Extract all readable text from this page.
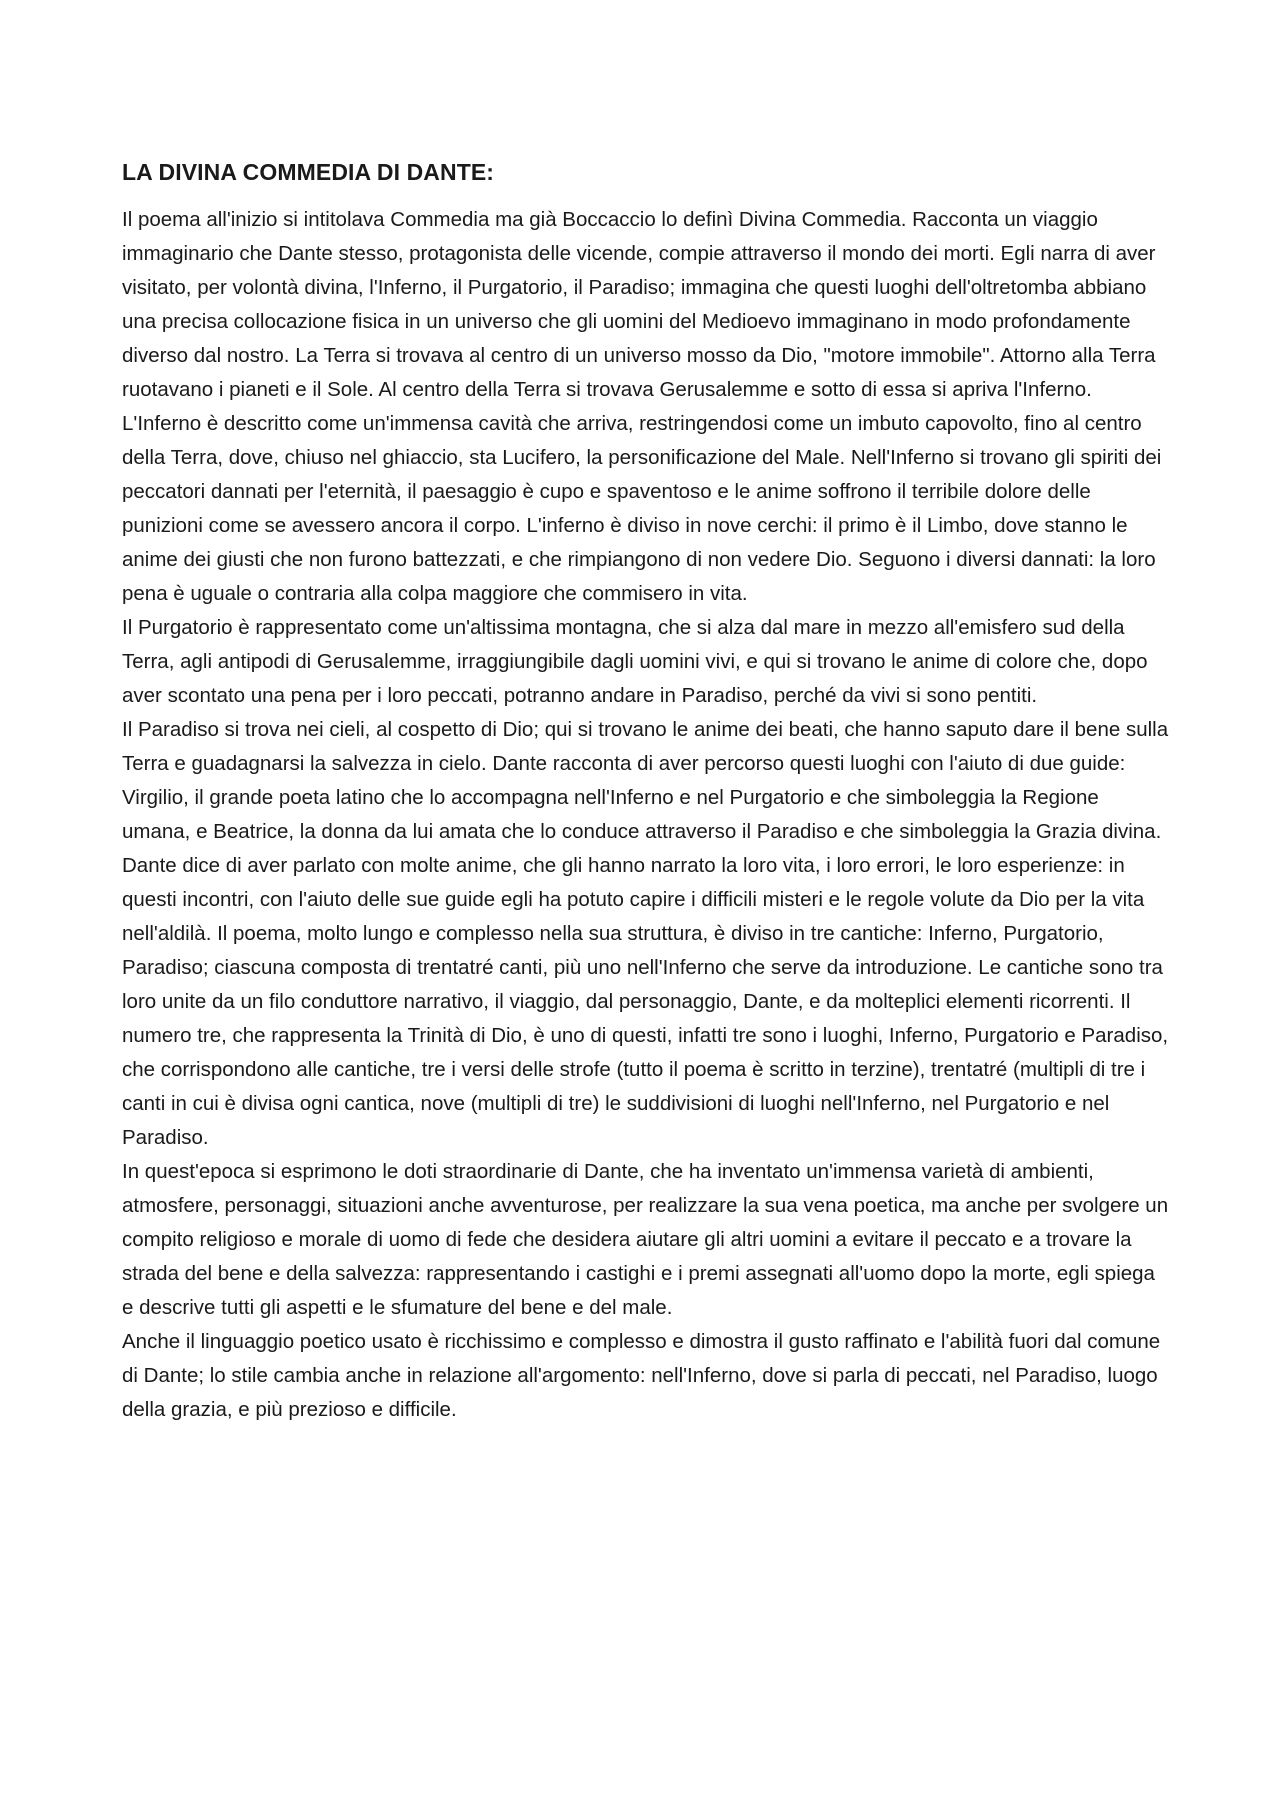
LA DIVINA COMMEDIA DI DANTE:

Il poema all'inizio si intitolava Commedia ma già Boccaccio lo definì Divina Commedia. Racconta un viaggio immaginario che Dante stesso, protagonista delle vicende, compie attraverso il mondo dei morti. Egli narra di aver visitato, per volontà divina, l'Inferno, il Purgatorio, il Paradiso; immagina che questi luoghi dell'oltretomba abbiano una precisa collocazione fisica in un universo che gli uomini del Medioevo immaginano in modo profondamente diverso dal nostro. La Terra si trovava al centro di un universo mosso da Dio, "motore immobile". Attorno alla Terra ruotavano i pianeti e il Sole. Al centro della Terra si trovava Gerusalemme e sotto di essa si apriva l'Inferno. L'Inferno è descritto come un'immensa cavità che arriva, restringendosi come un imbuto capovolto, fino al centro della Terra, dove, chiuso nel ghiaccio, sta Lucifero, la personificazione del Male. Nell'Inferno si trovano gli spiriti dei peccatori dannati per l'eternità, il paesaggio è cupo e spaventoso e le anime soffrono il terribile dolore delle punizioni come se avessero ancora il corpo. L'inferno è diviso in nove cerchi: il primo è il Limbo, dove stanno le anime dei giusti che non furono battezzati, e che rimpiangono di non vedere Dio. Seguono i diversi dannati: la loro pena è uguale o contraria alla colpa maggiore che commisero in vita.

Il Purgatorio è rappresentato come un'altissima montagna, che si alza dal mare in mezzo all'emisfero sud della Terra, agli antipodi di Gerusalemme, irraggiungibile dagli uomini vivi, e qui si trovano le anime di colore che, dopo aver scontato una pena per i loro peccati, potranno andare in Paradiso, perché da vivi si sono pentiti.

Il Paradiso si trova nei cieli, al cospetto di Dio; qui si trovano le anime dei beati, che hanno saputo dare il bene sulla Terra e guadagnarsi la salvezza in cielo. Dante racconta di aver percorso questi luoghi con l'aiuto di due guide: Virgilio, il grande poeta latino che lo accompagna nell'Inferno e nel Purgatorio e che simboleggia la Regione umana, e Beatrice, la donna da lui amata che lo conduce attraverso il Paradiso e che simboleggia la Grazia divina. Dante dice di aver parlato con molte anime, che gli hanno narrato la loro vita, i loro errori, le loro esperienze: in questi incontri, con l'aiuto delle sue guide egli ha potuto capire i difficili misteri e le regole volute da Dio per la vita nell'aldilà. Il poema, molto lungo e complesso nella sua struttura, è diviso in tre cantiche: Inferno, Purgatorio, Paradiso; ciascuna composta di trentatré canti, più uno nell'Inferno che serve da introduzione. Le cantiche sono tra loro unite da un filo conduttore narrativo, il viaggio, dal personaggio, Dante, e da molteplici elementi ricorrenti. Il numero tre, che rappresenta la Trinità di Dio, è uno di questi, infatti tre sono i luoghi, Inferno, Purgatorio e Paradiso, che corrispondono alle cantiche, tre i versi delle strofe (tutto il poema è scritto in terzine), trentatré (multipli di tre i canti in cui è divisa ogni cantica, nove (multipli di tre) le suddivisioni di luoghi nell'Inferno, nel Purgatorio e nel Paradiso.

In quest'epoca si esprimono le doti straordinarie di Dante, che ha inventato un'immensa varietà di ambienti, atmosfere, personaggi, situazioni anche avventurose, per realizzare la sua vena poetica, ma anche per svolgere un compito religioso e morale di uomo di fede che desidera aiutare gli altri uomini a evitare il peccato e a trovare la strada del bene e della salvezza: rappresentando i castighi e i premi assegnati all'uomo dopo la morte, egli spiega e descrive tutti gli aspetti e le sfumature del bene e del male.

Anche il linguaggio poetico usato è ricchissimo e complesso e dimostra il gusto raffinato e l'abilità fuori dal comune di Dante; lo stile cambia anche in relazione all'argomento: nell'Inferno, dove si parla di peccati, nel Paradiso, luogo della grazia, e più prezioso e difficile.
